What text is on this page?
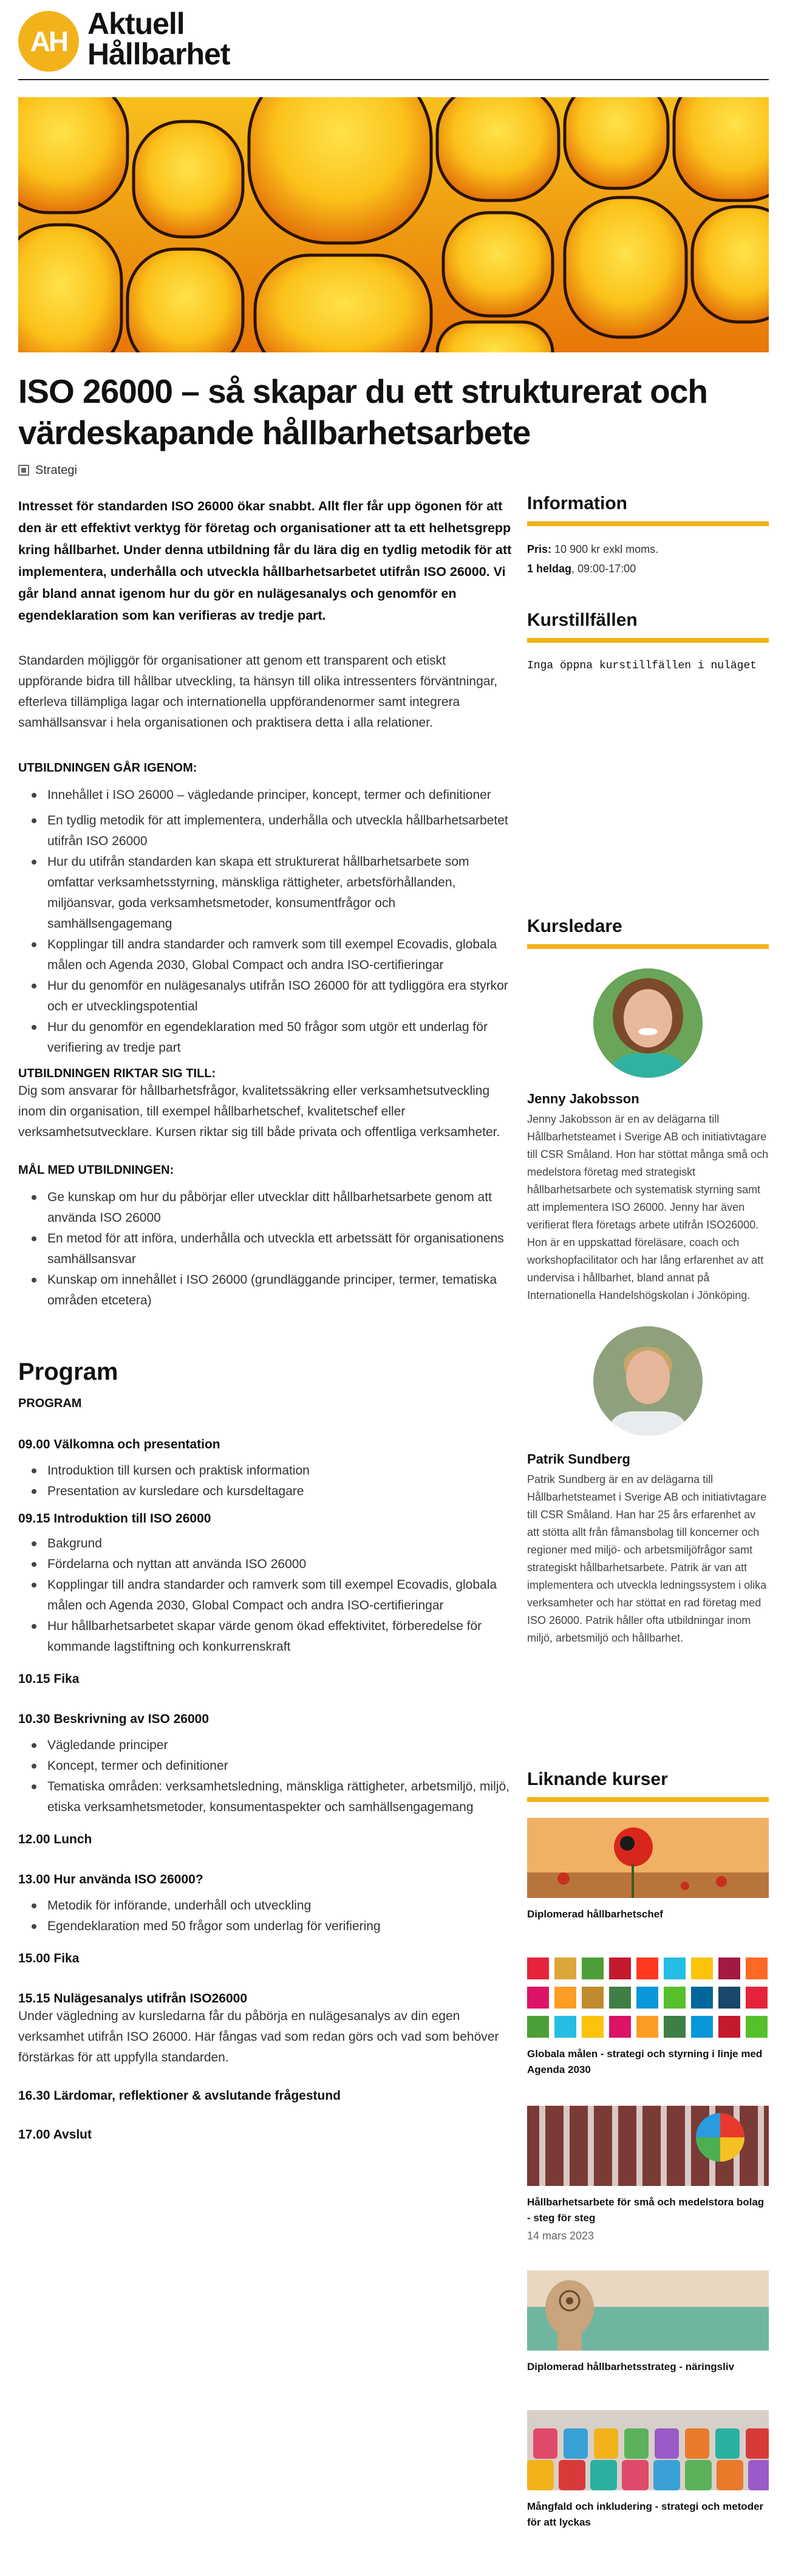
AH
Aktuell
Hållbarhet
ISO 26000 – så skapar du ett strukturerat och värdeskapande hållbarhetsarbete
Strategi

Intresset för standarden ISO 26000 ökar snabbt. Allt fler får upp ögonen för att den är ett effektivt verktyg för företag och organisationer att ta ett helhetsgrepp kring hållbarhet. Under denna utbildning får du lära dig en tydlig metodik för att implementera, underhålla och utveckla hållbarhetsarbetet utifrån ISO 26000. Vi går bland annat igenom hur du gör en nulägesanalys och genomför en egendeklaration som kan verifieras av tredje part.

Standarden möjliggör för organisationer att genom ett transparent och etiskt uppförande bidra till hållbar utveckling, ta hänsyn till olika intressenters förväntningar, efterleva tillämpliga lagar och internationella uppförandenormer samt integrera samhällsansvar i hela organisationen och praktisera detta i alla relationer.

UTBILDNINGEN GÅR IGENOM:

Innehållet i ISO 26000 – vägledande principer, koncept, termer och definitioner
En tydlig metodik för att implementera, underhålla och utveckla hållbarhetsarbetet utifrån ISO 26000
Hur du utifrån standarden kan skapa ett strukturerat hållbarhetsarbete som omfattar verksamhetsstyrning, mänskliga rättigheter, arbetsförhållanden, miljöansvar, goda verksamhetsmetoder, konsumentfrågor och samhällsengagemang
Kopplingar till andra standarder och ramverk som till exempel Ecovadis, globala målen och Agenda 2030, Global Compact och andra ISO-certifieringar
Hur du genomför en nulägesanalys utifrån ISO 26000 för att tydliggöra era styrkor och er utvecklingspotential
Hur du genomför en egendeklaration med 50 frågor som utgör ett underlag för verifiering av tredje part

UTBILDNINGEN RIKTAR SIG TILL:

Dig som ansvarar för hållbarhetsfrågor, kvalitetssäkring eller verksamhetsutveckling inom din organisation, till exempel hållbarhetschef, kvalitetschef eller verksamhetsutvecklare. Kursen riktar sig till både privata och offentliga verksamheter.

MÅL MED UTBILDNINGEN:

Ge kunskap om hur du påbörjar eller utvecklar ditt hållbarhetsarbete genom att använda ISO 26000
En metod för att införa, underhålla och utveckla ett arbetssätt för organisationens samhällsansvar
Kunskap om innehållet i ISO 26000 (grundläggande principer, termer, tematiska områden etcetera)
Program

PROGRAM

09.00 Välkomna och presentation

Introduktion till kursen och praktisk information
Presentation av kursledare och kursdeltagare

09.15 Introduktion till ISO 26000

Bakgrund
Fördelarna och nyttan att använda ISO 26000
Kopplingar till andra standarder och ramverk som till exempel Ecovadis, globala målen och Agenda 2030, Global Compact och andra ISO-certifieringar
Hur hållbarhetsarbetet skapar värde genom ökad effektivitet, förberedelse för kommande lagstiftning och konkurrenskraft

10.15 Fika

10.30 Beskrivning av ISO 26000

Vägledande principer
Koncept, termer och definitioner
Tematiska områden: verksamhetsledning, mänskliga rättigheter, arbetsmiljö, miljö, etiska verksamhetsmetoder, konsumentaspekter och samhällsengagemang

12.00 Lunch

13.00 Hur använda ISO 26000?

Metodik för införande, underhåll och utveckling
Egendeklaration med 50 frågor som underlag för verifiering

15.00 Fika

15.15 Nulägesanalys utifrån ISO26000

Under vägledning av kursledarna får du påbörja en nulägesanalys av din egen verksamhet utifrån ISO 26000. Här fångas vad som redan görs och vad som behöver förstärkas för att uppfylla standarden.

16.30 Lärdomar, reflektioner & avslutande frågestund

17.00 Avslut

Information

Pris: 10 900 kr exkl moms.

1 heldag, 09:00-17:00

Kurstillfällen

Inga öppna kurstillfällen i nuläget

Kursledare

Jenny Jakobsson

Jenny Jakobsson är en av delägarna till Hållbarhetsteamet i Sverige AB och initiativtagare till CSR Småland. Hon har stöttat många små och medelstora företag med strategiskt hållbarhetsarbete och systematisk styrning samt att implementera ISO 26000. Jenny har även verifierat flera företags arbete utifrån ISO26000. Hon är en uppskattad föreläsare, coach och workshopfacilitator och har lång erfarenhet av att undervisa i hållbarhet, bland annat på Internationella Handelshögskolan i Jönköping.

Patrik Sundberg

Patrik Sundberg är en av delägarna till Hållbarhetsteamet i Sverige AB och initiativtagare till CSR Småland. Han har 25 års erfarenhet av att stötta allt från fåmansbolag till koncerner och regioner med miljö- och arbetsmiljöfrågor samt strategiskt hållbarhetsarbete. Patrik är van att implementera och utveckla ledningssystem i olika verksamheter och har stöttat en rad företag med ISO 26000. Patrik håller ofta utbildningar inom miljö, arbetsmiljö och hållbarhet.

Liknande kurser

Diplomerad hållbarhetschef

Globala målen - strategi och styrning i linje med Agenda 2030

Hållbarhetsarbete för små och medelstora bolag - steg för steg

14 mars 2023

Diplomerad hållbarhetsstrateg - näringsliv

Mångfald och inkludering - strategi och metoder för att lyckas
